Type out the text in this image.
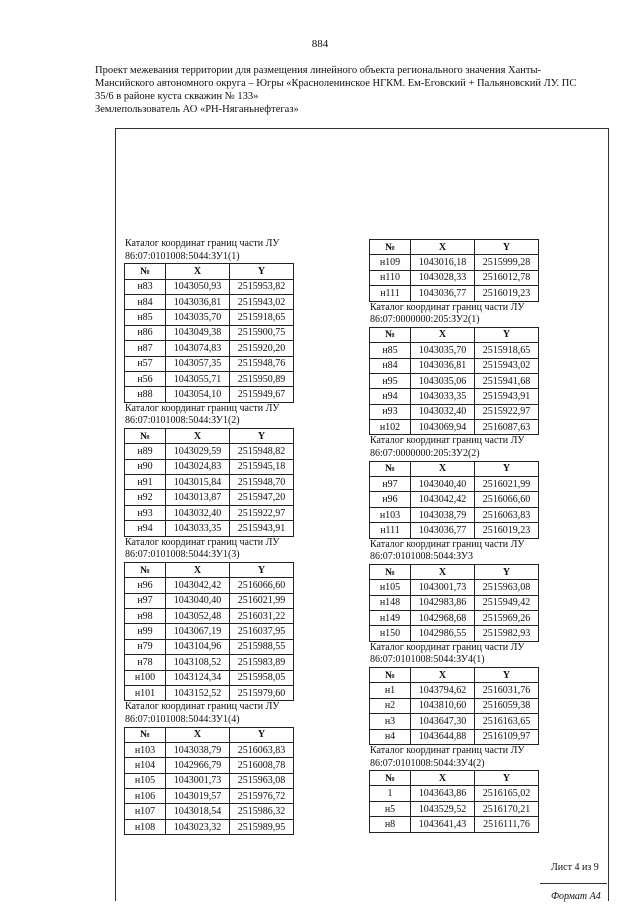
884
Проект межевания территории для размещения линейного объекта регионального значения Ханты-
Мансийского автономного округа – Югры «Красноленинское НГКМ. Ем-Еговский + Пальяновский ЛУ. ПС
35/6 в районе куста скважин № 133»
Землепользователь АО «РН-Няганьнефтегаз»

Каталог координат границ части ЛУ

86:07:0101008:5044:ЗУ1(1)

№	X	Y
н83	1043050,93	2515953,82
н84	1043036,81	2515943,02
н85	1043035,70	2515918,65
н86	1043049,38	2515900,75
н87	1043074,83	2515920,20
н57	1043057,35	2515948,76
н56	1043055,71	2515950,89
н88	1043054,10	2515949,67

Каталог координат границ части ЛУ

86:07:0101008:5044:ЗУ1(2)

№	X	Y
н89	1043029,59	2515948,82
н90	1043024,83	2515945,18
н91	1043015,84	2515948,70
н92	1043013,87	2515947,20
н93	1043032,40	2515922,97
н94	1043033,35	2515943,91

Каталог координат границ части ЛУ

86:07:0101008:5044:ЗУ1(3)

№	X	Y
н96	1043042,42	2516066,60
н97	1043040,40	2516021,99
н98	1043052,48	2516031,22
н99	1043067,19	2516037,95
н79	1043104,96	2515988,55
н78	1043108,52	2515983,89
н100	1043124,34	2515958,05
н101	1043152,52	2515979,60

Каталог координат границ части ЛУ

86:07:0101008:5044:ЗУ1(4)

№	X	Y
н103	1043038,79	2516063,83
н104	1042966,79	2516008,78
н105	1043001,73	2515963,08
н106	1043019,57	2515976,72
н107	1043018,54	2515986,32
н108	1043023,32	2515989,95
№	X	Y
н109	1043016,18	2515999,28
н110	1043028,33	2516012,78
н111	1043036,77	2516019,23

Каталог координат границ части ЛУ

86:07:0000000:205:ЗУ2(1)

№	X	Y
н85	1043035,70	2515918,65
н84	1043036,81	2515943,02
н95	1043035,06	2515941,68
н94	1043033,35	2515943,91
н93	1043032,40	2515922,97
н102	1043069,94	2516087,63

Каталог координат границ части ЛУ

86:07:0000000:205:ЗУ2(2)

№	X	Y
н97	1043040,40	2516021,99
н96	1043042,42	2516066,60
н103	1043038,79	2516063,83
н111	1043036,77	2516019,23

Каталог координат границ части ЛУ

86:07:0101008:5044:ЗУ3

№	X	Y
н105	1043001,73	2515963,08
н148	1042983,86	2515949,42
н149	1042968,68	2515969,26
н150	1042986,55	2515982,93

Каталог координат границ части ЛУ

86:07:0101008:5044:ЗУ4(1)

№	X	Y
н1	1043794,62	2516031,76
н2	1043810,60	2516059,38
н3	1043647,30	2516163,65
н4	1043644,88	2516109,97

Каталог координат границ части ЛУ

86:07:0101008:5044:ЗУ4(2)

№	X	Y
1	1043643,86	2516165,02
н5	1043529,52	2516170,21
н8	1043641,43	2516111,76
Лист 4 из 9
Формат А4
